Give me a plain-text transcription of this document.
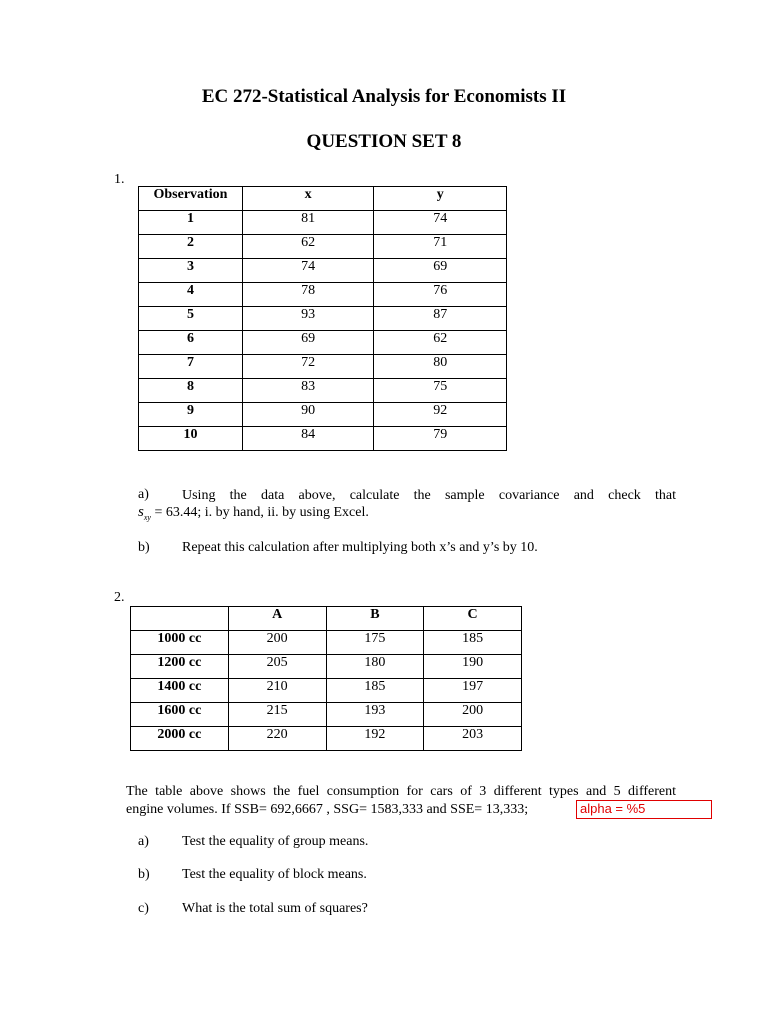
EC 272-Statistical Analysis for Economists II
QUESTION SET 8
1.
Observation	x	y
1	81	74
2	62	71
3	74	69
4	78	76
5	93	87
6	69	62
7	72	80
8	83	75
9	90	92
10	84	79
a) Using the data above, calculate the sample covariance and check that
$s_{xy} = 63.44$; i. by hand, ii. by using Excel.
b) Repeat this calculation after multiplying both x’s and y’s by 10.
2.
	A	B	C
1000 cc	200	175	185
1200 cc	205	180	190
1400 cc	210	185	197
1600 cc	215	193	200
2000 cc	220	192	203
The table above shows the fuel consumption for cars of 3 different types and 5 different
engine volumes. If SSB= 692,6667 , SSG= 1583,333 and SSE= 13,333;	alpha = %5
a) Test the equality of group means.
b) Test the equality of block means.
c) What is the total sum of squares?
